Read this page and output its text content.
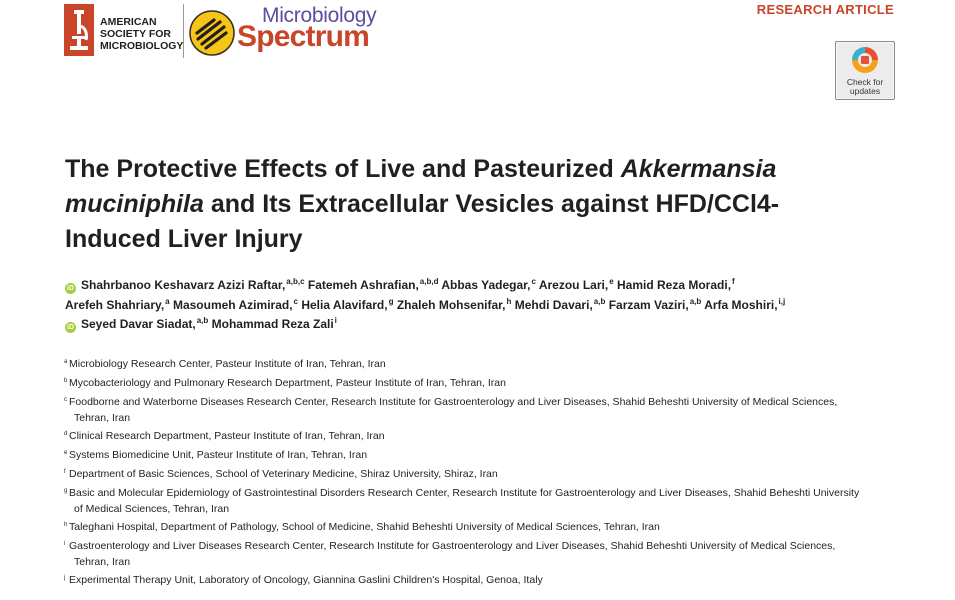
AMERICAN
SOCIETY FOR
MICROBIOLOGY
Microbiology
Spectrum
RESEARCH ARTICLE
Check for
updates
The Protective Effects of Live and Pasteurized Akkermansia muciniphila and Its Extracellular Vesicles against HFD/CCl4-Induced Liver Injury
iD Shahrbanoo Keshavarz Azizi Raftar,$^{a,b,c}$ Fatemeh Ashrafian,$^{a,b,d}$ Abbas Yadegar,$^c$ Arezou Lari,$^e$ Hamid Reza Moradi,$^f$
Arefeh Shahriary,$^a$ Masoumeh Azimirad,$^c$ Helia Alavifard,$^g$ Zhaleh Mohsenifar,$^h$ Mehdi Davari,$^{a,b}$ Farzam Vaziri,$^{a,b}$ Arfa Moshiri,$^{i,j}$
iD Seyed Davar Siadat,$^{a,b}$ Mohammad Reza Zali$^i$
a Microbiology Research Center, Pasteur Institute of Iran, Tehran, Iran
b Mycobacteriology and Pulmonary Research Department, Pasteur Institute of Iran, Tehran, Iran
c Foodborne and Waterborne Diseases Research Center, Research Institute for Gastroenterology and Liver Diseases, Shahid Beheshti University of Medical Sciences,
Tehran, Iran
d Clinical Research Department, Pasteur Institute of Iran, Tehran, Iran
e Systems Biomedicine Unit, Pasteur Institute of Iran, Tehran, Iran
f Department of Basic Sciences, School of Veterinary Medicine, Shiraz University, Shiraz, Iran
g Basic and Molecular Epidemiology of Gastrointestinal Disorders Research Center, Research Institute for Gastroenterology and Liver Diseases, Shahid Beheshti University
of Medical Sciences, Tehran, Iran
h Taleghani Hospital, Department of Pathology, School of Medicine, Shahid Beheshti University of Medical Sciences, Tehran, Iran
i Gastroenterology and Liver Diseases Research Center, Research Institute for Gastroenterology and Liver Diseases, Shahid Beheshti University of Medical Sciences,
Tehran, Iran
j Experimental Therapy Unit, Laboratory of Oncology, Giannina Gaslini Children's Hospital, Genoa, Italy
